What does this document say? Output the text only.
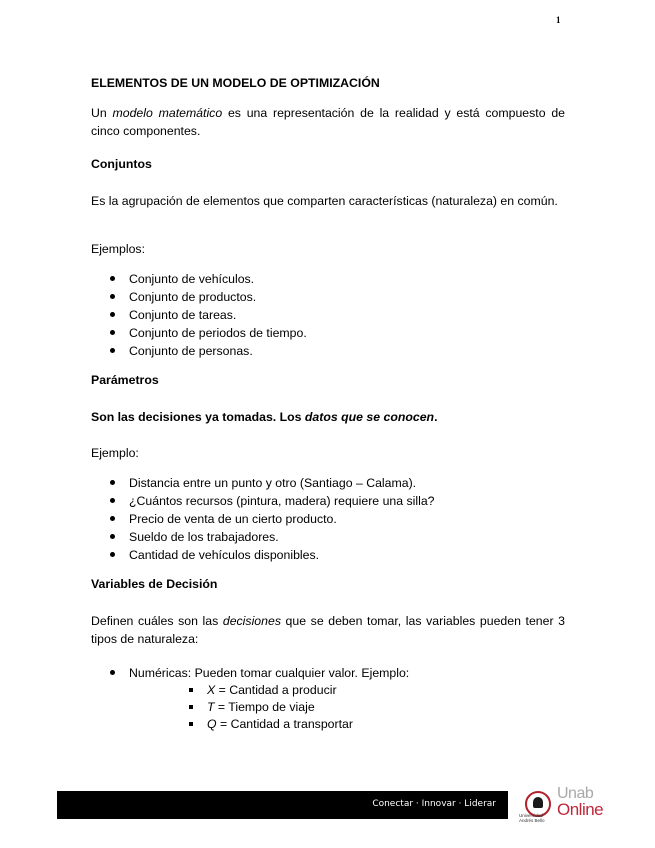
1
ELEMENTOS DE UN MODELO DE OPTIMIZACIÓN
Un modelo matemático es una representación de la realidad y está compuesto de cinco componentes.
Conjuntos
Es la agrupación de elementos que comparten características (naturaleza) en común.
Ejemplos:
Conjunto de vehículos.
Conjunto de productos.
Conjunto de tareas.
Conjunto de periodos de tiempo.
Conjunto de personas.
Parámetros
Son las decisiones ya tomadas. Los datos que se conocen.
Ejemplo:
Distancia entre un punto y otro (Santiago – Calama).
¿Cuántos recursos (pintura, madera) requiere una silla?
Precio de venta de un cierto producto.
Sueldo de los trabajadores.
Cantidad de vehículos disponibles.
Variables de Decisión
Definen cuáles son las decisiones que se deben tomar, las variables pueden tener 3 tipos de naturaleza:
Numéricas: Pueden tomar cualquier valor. Ejemplo:
X = Cantidad a producir
T = Tiempo de viaje
Q = Cantidad a transportar
Conectar · Innovar · Liderar
Universidad Andrés Bello
Unab
Online
